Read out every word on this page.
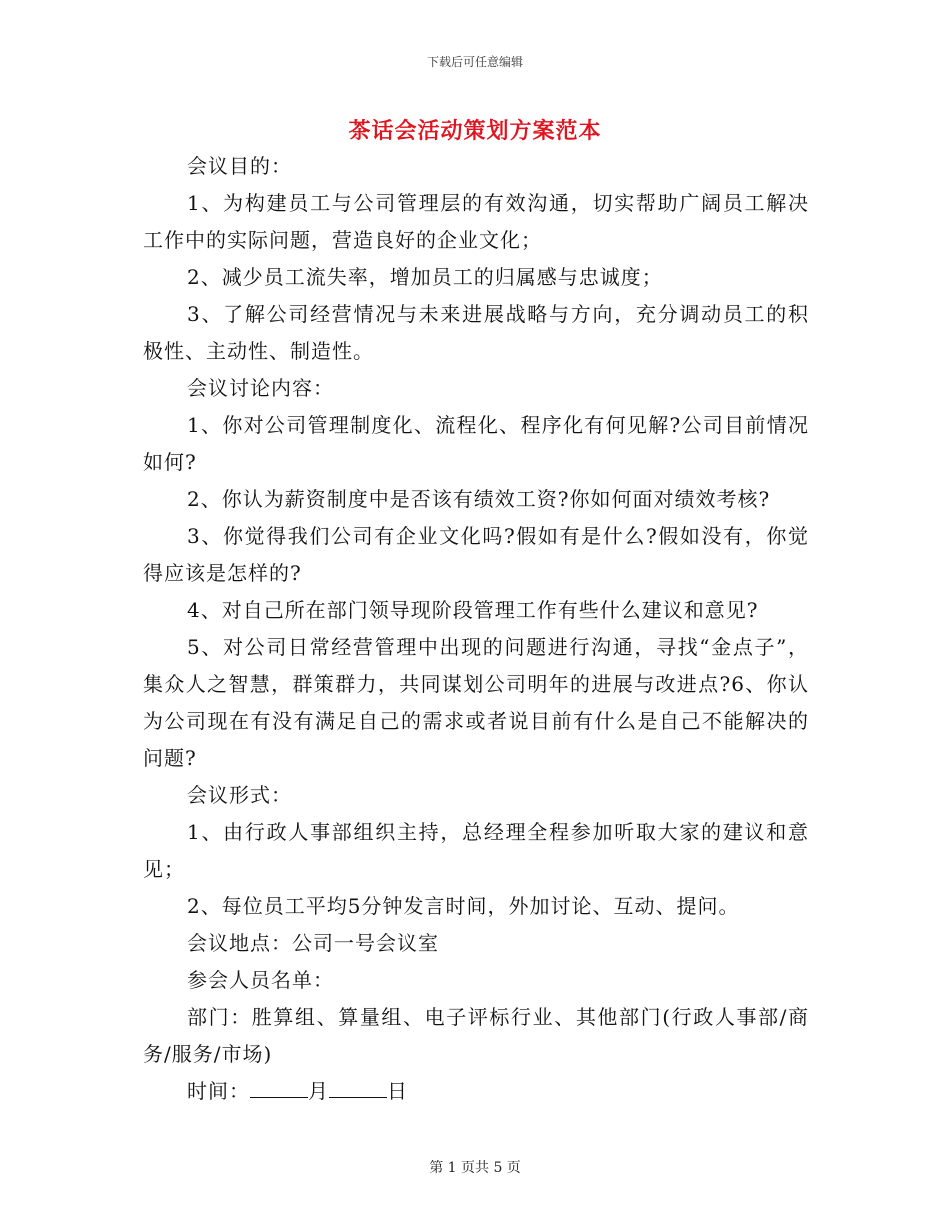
下载后可任意编辑
茶话会活动策划方案范本

会议目的：

1、为构建员工与公司管理层的有效沟通，切实帮助广阔员工解决工作中的实际问题，营造良好的企业文化；

2、减少员工流失率，增加员工的归属感与忠诚度；

3、了解公司经营情况与未来进展战略与方向，充分调动员工的积极性、主动性、制造性。

会议讨论内容：

1、你对公司管理制度化、流程化、程序化有何见解?公司目前情况如何?

2、你认为薪资制度中是否该有绩效工资?你如何面对绩效考核?

3、你觉得我们公司有企业文化吗?假如有是什么?假如没有，你觉得应该是怎样的?

4、对自己所在部门领导现阶段管理工作有些什么建议和意见?

5、对公司日常经营管理中出现的问题进行沟通，寻找“金点子”，集众人之智慧，群策群力，共同谋划公司明年的进展与改进点?6、你认为公司现在有没有满足自己的需求或者说目前有什么是自己不能解决的问题?

会议形式：

1、由行政人事部组织主持，总经理全程参加听取大家的建议和意见；

2、每位员工平均5分钟发言时间，外加讨论、互动、提问。

会议地点：公司一号会议室

参会人员名单：

部门：胜算组、算量组、电子评标行业、其他部门(行政人事部/商务/服务/市场)

时间：	月	日

第 1 页共 5 页
